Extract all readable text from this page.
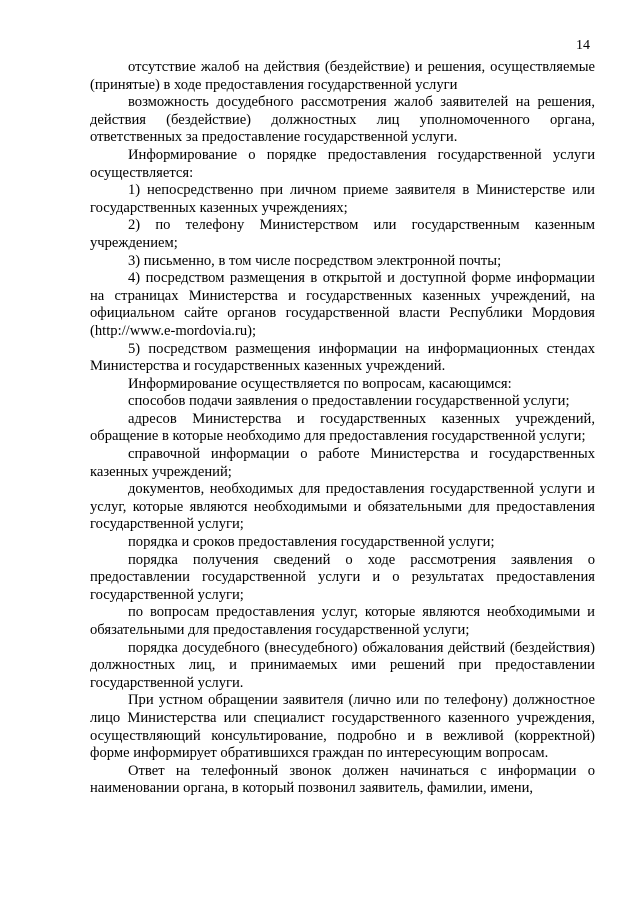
14

отсутствие жалоб на действия (бездействие) и решения, осуществляемые (принятые) в ходе предоставления государственной услуги

возможность досудебного рассмотрения жалоб заявителей на решения, действия (бездействие) должностных лиц уполномоченного органа, ответственных за предоставление государственной услуги.

Информирование о порядке предоставления государственной услуги осуществляется:

1) непосредственно при личном приеме заявителя в Министерстве или государственных казенных учреждениях;

2) по телефону Министерством или государственным казенным учреждением;

3) письменно, в том числе посредством электронной почты;

4) посредством размещения в открытой и доступной форме информации на страницах Министерства и государственных казенных учреждений, на официальном сайте органов государственной власти Республики Мордовия (http://www.e-mordovia.ru);

5) посредством размещения информации на информационных стендах Министерства и государственных казенных учреждений.

Информирование осуществляется по вопросам, касающимся:

способов подачи заявления о предоставлении государственной услуги;

адресов Министерства и государственных казенных учреждений, обращение в которые необходимо для предоставления государственной услуги;

справочной информации о работе Министерства и государственных казенных учреждений;

документов, необходимых для предоставления государственной услуги и услуг, которые являются необходимыми и обязательными для предоставления государственной услуги;

порядка и сроков предоставления государственной услуги;

порядка получения сведений о ходе рассмотрения заявления о предоставлении государственной услуги и о результатах предоставления государственной услуги;

по вопросам предоставления услуг, которые являются необходимыми и обязательными для предоставления государственной услуги;

порядка досудебного (внесудебного) обжалования действий (бездействия) должностных лиц, и принимаемых ими решений при предоставлении государственной услуги.

При устном обращении заявителя (лично или по телефону) должностное лицо Министерства или специалист государственного казенного учреждения, осуществляющий консультирование, подробно и в вежливой (корректной) форме информирует обратившихся граждан по интересующим вопросам.

Ответ на телефонный звонок должен начинаться с информации о наименовании органа, в который позвонил заявитель, фамилии, имени,
